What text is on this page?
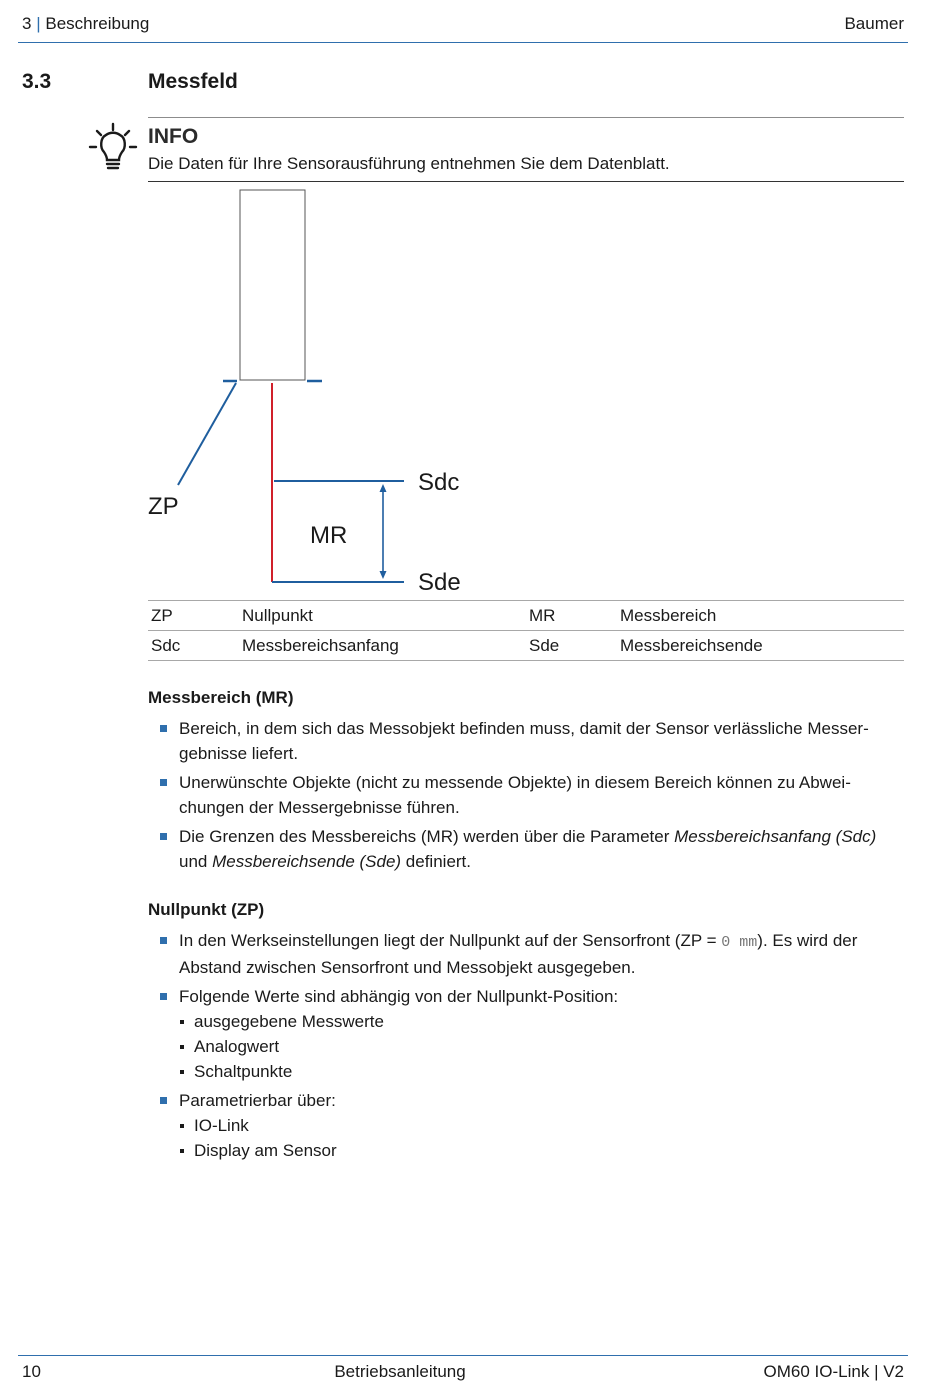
3 | Beschreibung	Baumer
3.3	Messfeld
INFO
Die Daten für Ihre Sensorausführung entnehmen Sie dem Datenblatt.
ZP
MR
Sdc
Sde
ZP	Nullpunkt	MR	Messbereich
Sdc	Messbereichsanfang	Sde	Messbereichsende
Messbereich (MR)
Bereich, in dem sich das Messobjekt befinden muss, damit der Sensor verlässliche Messergebnisse liefert.
Unerwünschte Objekte (nicht zu messende Objekte) in diesem Bereich können zu Abweichungen der Messergebnisse führen.
Die Grenzen des Messbereichs (MR) werden über die Parameter Messbereichsanfang (Sdc) und Messbereichsende (Sde) definiert.
Nullpunkt (ZP)
In den Werkseinstellungen liegt der Nullpunkt auf der Sensorfront (ZP = 0 mm). Es wird der Abstand zwischen Sensorfront und Messobjekt ausgegeben.
Folgende Werte sind abhängig von der Nullpunkt-Position:
ausgegebene Messwerte
Analogwert
Schaltpunkte
Parametrierbar über:
IO-Link
Display am Sensor
10	Betriebsanleitung	OM60 IO-Link | V2
